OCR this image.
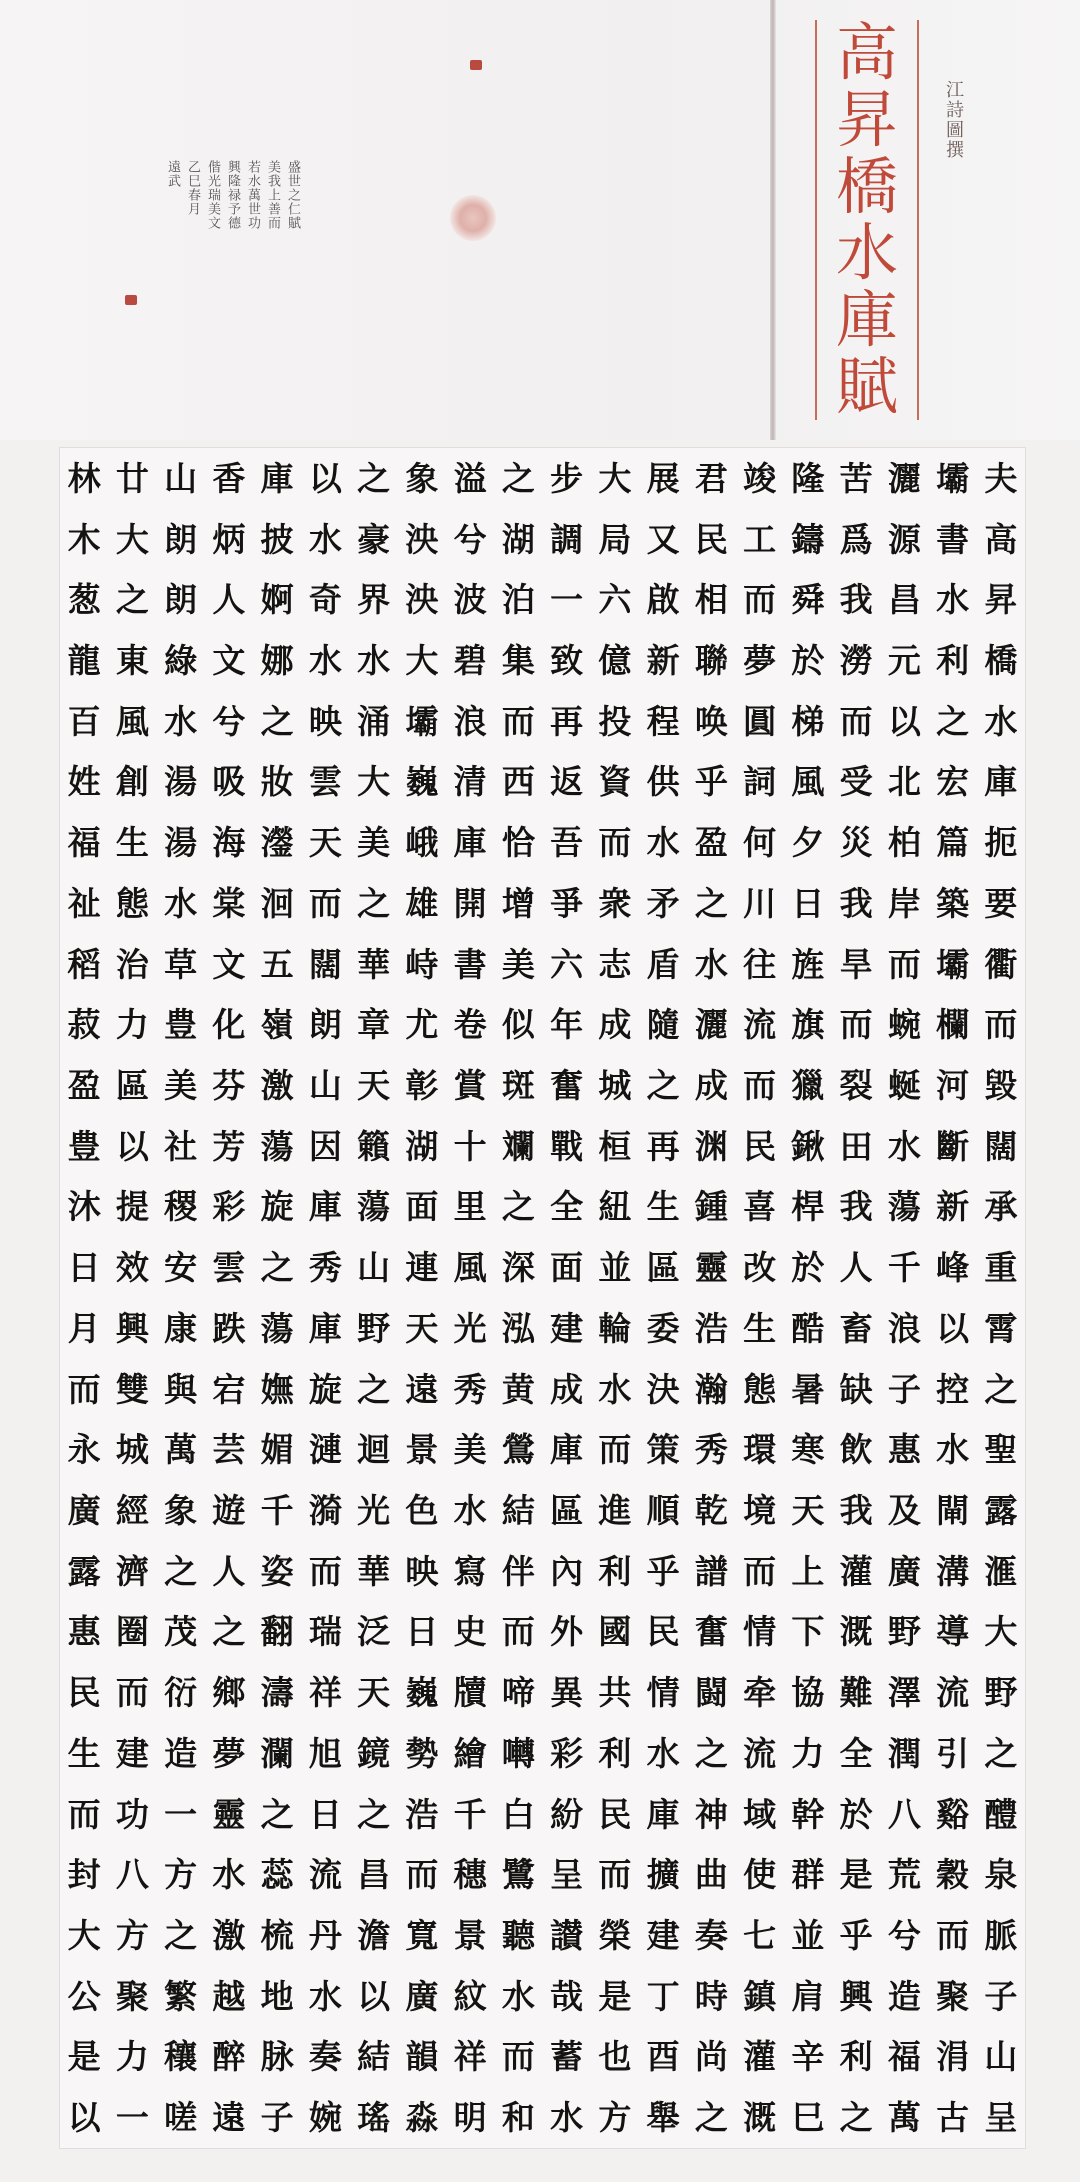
高
昇
橋
水
庫
賦
江詩圖撰
盛世之仁賦
美我上善而
若水萬世功
興隆禄予德
偕光瑞美文
乙巳春月
遠武
夫
高
昇
橋
水
庫
扼
要
衢
而
毀
闊
承
重
霄
之
聖
露
滙
大
野
之
醴
泉
脈
子
山
呈
壩
書
水
利
之
宏
篇
築
壩
欄
河
斷
新
峰
以
控
水
閘
溝
導
流
引
谿
穀
而
聚
涓
古
灑
源
昌
元
以
北
柏
岸
而
蜿
蜒
水
蕩
千
浪
子
惠
及
廣
野
澤
潤
八
荒
兮
造
福
萬
苦
爲
我
澇
而
受
災
我
旱
而
裂
田
我
人
畜
缺
飲
我
灌
溉
難
全
於
是
乎
興
利
之
隆
鑄
舜
於
梯
風
夕
日
旌
旗
獵
鍬
桿
於
酷
暑
寒
天
上
下
協
力
幹
群
並
肩
辛
巳
竣
工
而
夢
圓
詞
何
川
往
流
而
民
喜
改
生
態
環
境
而
情
牵
流
域
使
七
鎮
灌
溉
君
民
相
聯
唤
乎
盈
之
水
灑
成
渊
鍾
靈
浩
瀚
秀
乾
譜
奮
闘
之
神
曲
奏
時
尚
之
展
又
啟
新
程
供
水
矛
盾
隨
之
再
生
區
委
決
策
順
乎
民
情
水
庫
擴
建
丁
酉
舉
大
局
六
億
投
資
而
衆
志
成
城
桓
紐
並
輪
水
而
進
利
國
共
利
民
而
榮
是
也
方
步
調
一
致
再
返
吾
爭
六
年
奮
戰
全
面
建
成
庫
區
內
外
異
彩
紛
呈
讃
哉
蓄
水
之
湖
泊
集
而
西
恰
增
美
似
斑
斕
之
深
泓
黄
鶯
結
伴
而
啼
囀
白
鷺
聽
水
而
和
溢
兮
波
碧
浪
清
庫
開
書
卷
賞
十
里
風
光
秀
美
水
寫
史
牘
繪
千
穗
景
紋
祥
明
象
泱
泱
大
壩
巍
峨
雄
峙
尤
彰
湖
面
連
天
遠
景
色
映
日
巍
勢
浩
而
寬
廣
韻
淼
之
豪
界
水
涌
大
美
之
華
章
天
籟
蕩
山
野
之
迴
光
華
泛
天
鏡
之
昌
澹
以
結
瑤
以
水
奇
水
映
雲
天
而
闊
朗
山
因
庫
秀
庫
旋
漣
漪
而
瑞
祥
旭
日
流
丹
水
奏
婉
庫
披
婀
娜
之
妝
灐
洄
五
嶺
激
蕩
旋
之
蕩
嫵
媚
千
姿
翻
濤
瀾
之
蕊
梳
地
脉
子
香
炳
人
文
兮
吸
海
棠
文
化
芬
芳
彩
雲
跌
宕
芸
遊
人
之
鄉
夢
靈
水
激
越
醉
遠
山
朗
朗
綠
水
湯
湯
水
草
豊
美
社
稷
安
康
與
萬
象
之
茂
衍
造
一
方
之
繁
穰
嗟
廿
大
之
東
風
創
生
態
治
力
區
以
提
效
興
雙
城
經
濟
圈
而
建
功
八
方
聚
力
一
林
木
葱
龍
百
姓
福
祉
稻
菽
盈
豊
沐
日
月
而
永
廣
露
惠
民
生
而
封
大
公
是
以
